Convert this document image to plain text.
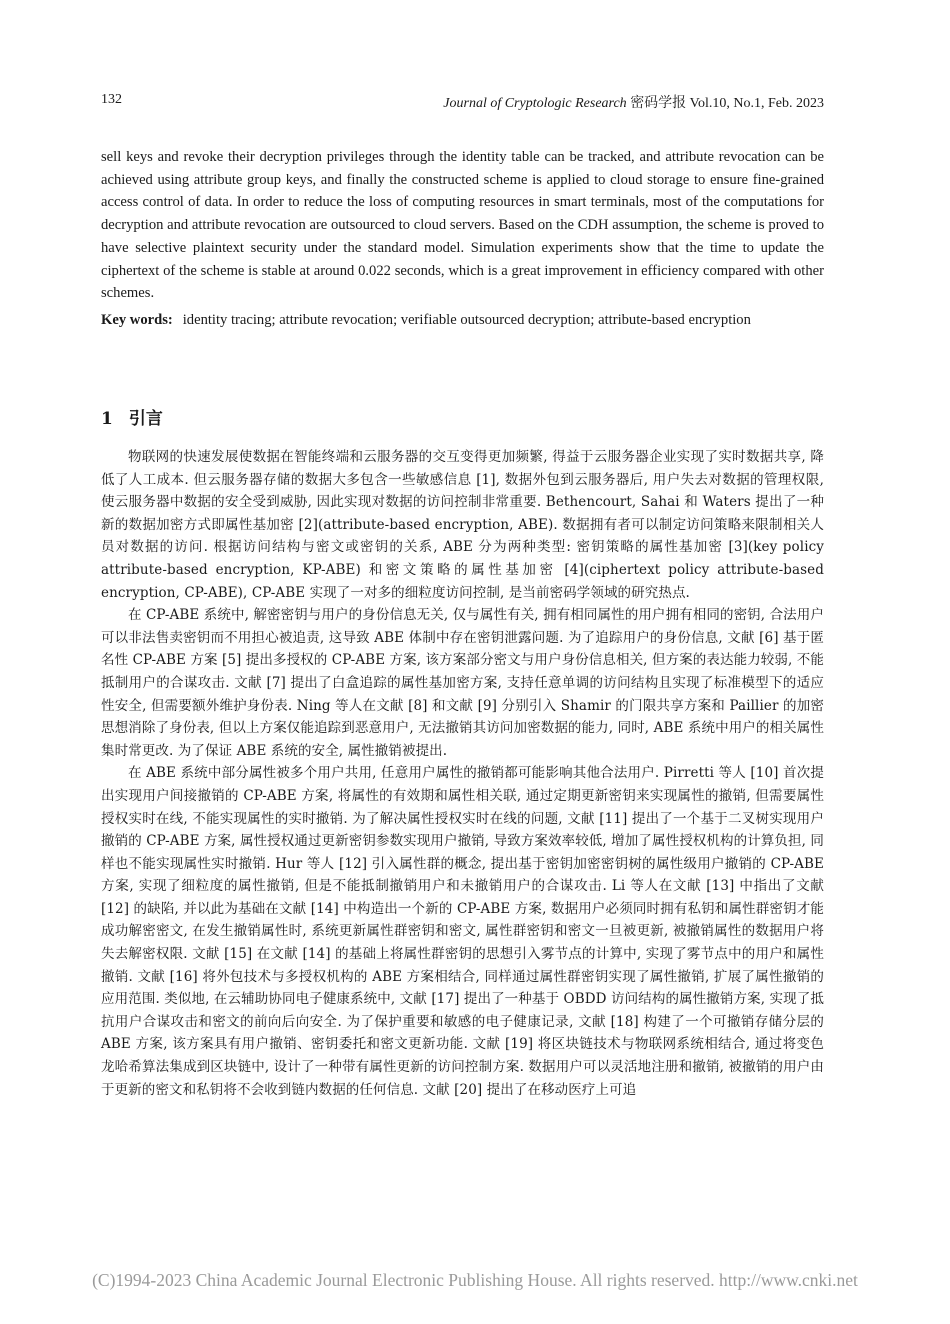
132	Journal of Cryptologic Research 密码学报 Vol.10, No.1, Feb. 2023

sell keys and revoke their decryption privileges through the identity table can be tracked, and attribute revocation can be achieved using attribute group keys, and finally the constructed scheme is applied to cloud storage to ensure fine-grained access control of data. In order to reduce the loss of computing resources in smart terminals, most of the computations for decryption and attribute revocation are outsourced to cloud servers. Based on the CDH assumption, the scheme is proved to have selective plaintext security under the standard model. Simulation experiments show that the time to update the ciphertext of the scheme is stable at around 0.022 seconds, which is a great improvement in efficiency compared with other schemes.

Key words: identity tracing; attribute revocation; verifiable outsourced decryption; attribute-based encryption

1 引言

物联网的快速发展使数据在智能终端和云服务器的交互变得更加频繁, 得益于云服务器企业实现了实时数据共享, 降低了人工成本. 但云服务器存储的数据大多包含一些敏感信息 [1], 数据外包到云服务器后, 用户失去对数据的管理权限, 使云服务器中数据的安全受到威胁, 因此实现对数据的访问控制非常重要. Bethencourt, Sahai 和 Waters 提出了一种新的数据加密方式即属性基加密 [2](attribute-based encryption, ABE). 数据拥有者可以制定访问策略来限制相关人员对数据的访问. 根据访问结构与密文或密钥的关系, ABE 分为两种类型: 密钥策略的属性基加密 [3](key policy attribute-based encryption, KP-ABE) 和密文策略的属性基加密 [4](ciphertext policy attribute-based encryption, CP-ABE), CP-ABE 实现了一对多的细粒度访问控制, 是当前密码学领域的研究热点.

在 CP-ABE 系统中, 解密密钥与用户的身份信息无关, 仅与属性有关, 拥有相同属性的用户拥有相同的密钥, 合法用户可以非法售卖密钥而不用担心被追责, 这导致 ABE 体制中存在密钥泄露问题. 为了追踪用户的身份信息, 文献 [6] 基于匿名性 CP-ABE 方案 [5] 提出多授权的 CP-ABE 方案, 该方案部分密文与用户身份信息相关, 但方案的表达能力较弱, 不能抵制用户的合谋攻击. 文献 [7] 提出了白盒追踪的属性基加密方案, 支持任意单调的访问结构且实现了标准模型下的适应性安全, 但需要额外维护身份表. Ning 等人在文献 [8] 和文献 [9] 分别引入 Shamir 的门限共享方案和 Paillier 的加密思想消除了身份表, 但以上方案仅能追踪到恶意用户, 无法撤销其访问加密数据的能力, 同时, ABE 系统中用户的相关属性集时常更改. 为了保证 ABE 系统的安全, 属性撤销被提出.

在 ABE 系统中部分属性被多个用户共用, 任意用户属性的撤销都可能影响其他合法用户. Pirretti 等人 [10] 首次提出实现用户间接撤销的 CP-ABE 方案, 将属性的有效期和属性相关联, 通过定期更新密钥来实现属性的撤销, 但需要属性授权实时在线, 不能实现属性的实时撤销. 为了解决属性授权实时在线的问题, 文献 [11] 提出了一个基于二叉树实现用户撤销的 CP-ABE 方案, 属性授权通过更新密钥参数实现用户撤销, 导致方案效率较低, 增加了属性授权机构的计算负担, 同样也不能实现属性实时撤销. Hur 等人 [12] 引入属性群的概念, 提出基于密钥加密密钥树的属性级用户撤销的 CP-ABE 方案, 实现了细粒度的属性撤销, 但是不能抵制撤销用户和未撤销用户的合谋攻击. Li 等人在文献 [13] 中指出了文献 [12] 的缺陷, 并以此为基础在文献 [14] 中构造出一个新的 CP-ABE 方案, 数据用户必须同时拥有私钥和属性群密钥才能成功解密密文, 在发生撤销属性时, 系统更新属性群密钥和密文, 属性群密钥和密文一旦被更新, 被撤销属性的数据用户将失去解密权限. 文献 [15] 在文献 [14] 的基础上将属性群密钥的思想引入雾节点的计算中, 实现了雾节点中的用户和属性撤销. 文献 [16] 将外包技术与多授权机构的 ABE 方案相结合, 同样通过属性群密钥实现了属性撤销, 扩展了属性撤销的应用范围. 类似地, 在云辅助协同电子健康系统中, 文献 [17] 提出了一种基于 OBDD 访问结构的属性撤销方案, 实现了抵抗用户合谋攻击和密文的前向后向安全. 为了保护重要和敏感的电子健康记录, 文献 [18] 构建了一个可撤销存储分层的 ABE 方案, 该方案具有用户撤销、密钥委托和密文更新功能. 文献 [19] 将区块链技术与物联网系统相结合, 通过将变色龙哈希算法集成到区块链中, 设计了一种带有属性更新的访问控制方案. 数据用户可以灵活地注册和撤销, 被撤销的用户由于更新的密文和私钥将不会收到链内数据的任何信息. 文献 [20] 提出了在移动医疗上可追

(C)1994-2023 China Academic Journal Electronic Publishing House. All rights reserved. http://www.cnki.net
